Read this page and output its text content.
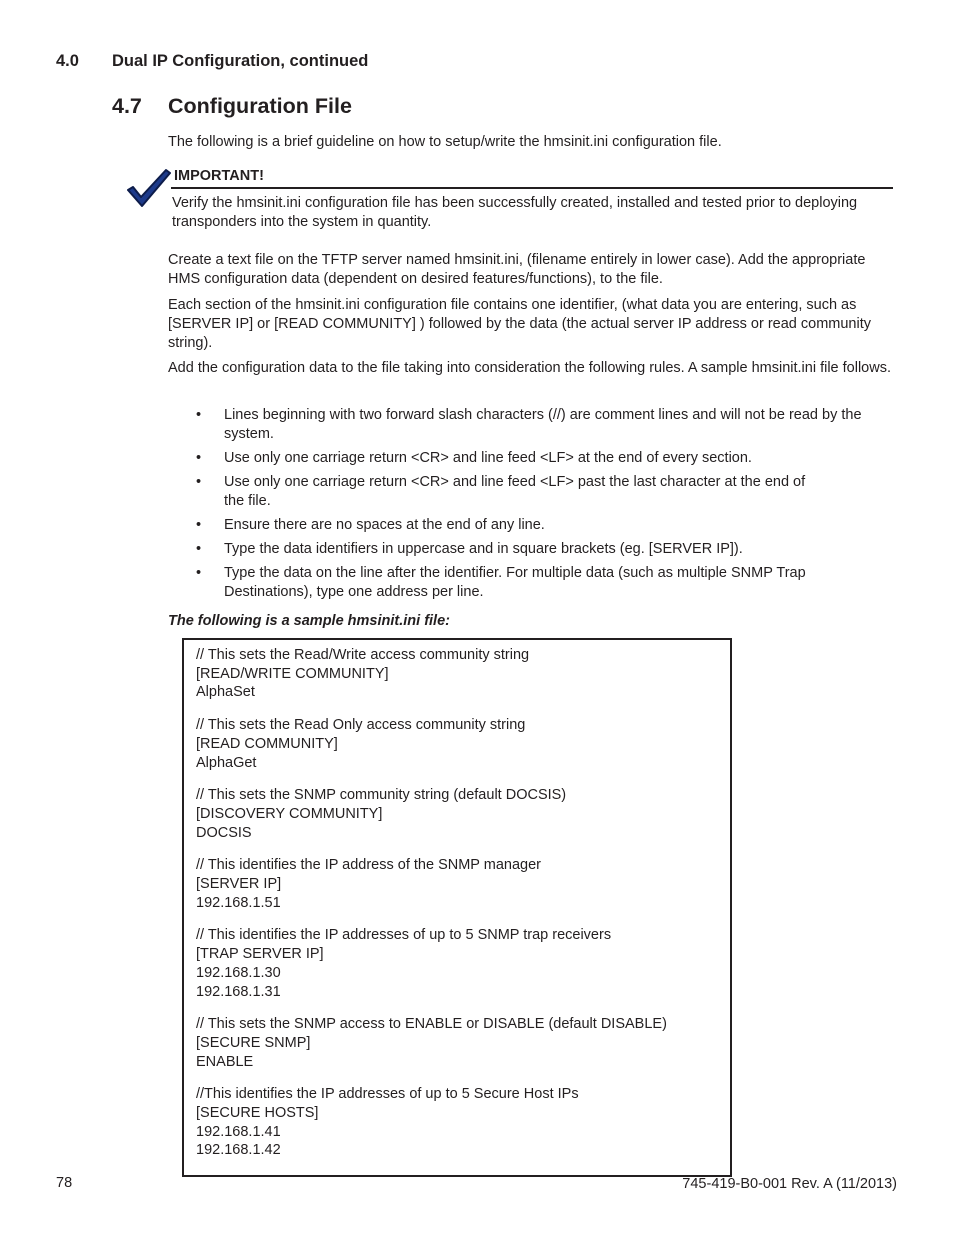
4.0 Dual IP Configuration, continued
4.7 Configuration File
The following is a brief guideline on how to setup/write the hmsinit.ini configuration file.
IMPORTANT!
Verify the hmsinit.ini configuration file has been successfully created, installed and tested prior to deploying transponders into the system in quantity.
Create a text file on the TFTP server named hmsinit.ini, (filename entirely in lower case). Add the appropriate HMS configuration data (dependent on desired features/functions), to the file.
Each section of the hmsinit.ini configuration file contains one identifier, (what data you are entering, such as [SERVER IP] or [READ COMMUNITY] ) followed by the data (the actual server IP address or read community string).
Add the configuration data to the file taking into consideration the following rules. A sample hmsinit.ini file follows.
• Lines beginning with two forward slash characters (//) are comment lines and will not be read by the system.
• Use only one carriage return <CR> and line feed <LF> at the end of every section.
• Use only one carriage return <CR> and line feed <LF> past the last character at the end of the file.
• Ensure there are no spaces at the end of any line.
• Type the data identifiers in uppercase and in square brackets (eg. [SERVER IP]).
• Type the data on the line after the identifier. For multiple data (such as multiple SNMP Trap Destinations), type one address per line.
The following is a sample hmsinit.ini file:
// This sets the Read/Write access community string
[READ/WRITE COMMUNITY]
AlphaSet
// This sets the Read Only access community string
[READ COMMUNITY]
AlphaGet
// This sets the SNMP community string (default DOCSIS)
[DISCOVERY COMMUNITY]
DOCSIS
// This identifies the IP address of the SNMP manager
[SERVER IP]
192.168.1.51
// This identifies the IP addresses of up to 5 SNMP trap receivers
[TRAP SERVER IP]
192.168.1.30
192.168.1.31
// This sets the SNMP access to ENABLE or DISABLE (default DISABLE)
[SECURE SNMP]
ENABLE
//This identifies the IP addresses of up to 5 Secure Host IPs
[SECURE HOSTS]
192.168.1.41
192.168.1.42
78	745-419-B0-001 Rev. A (11/2013)
